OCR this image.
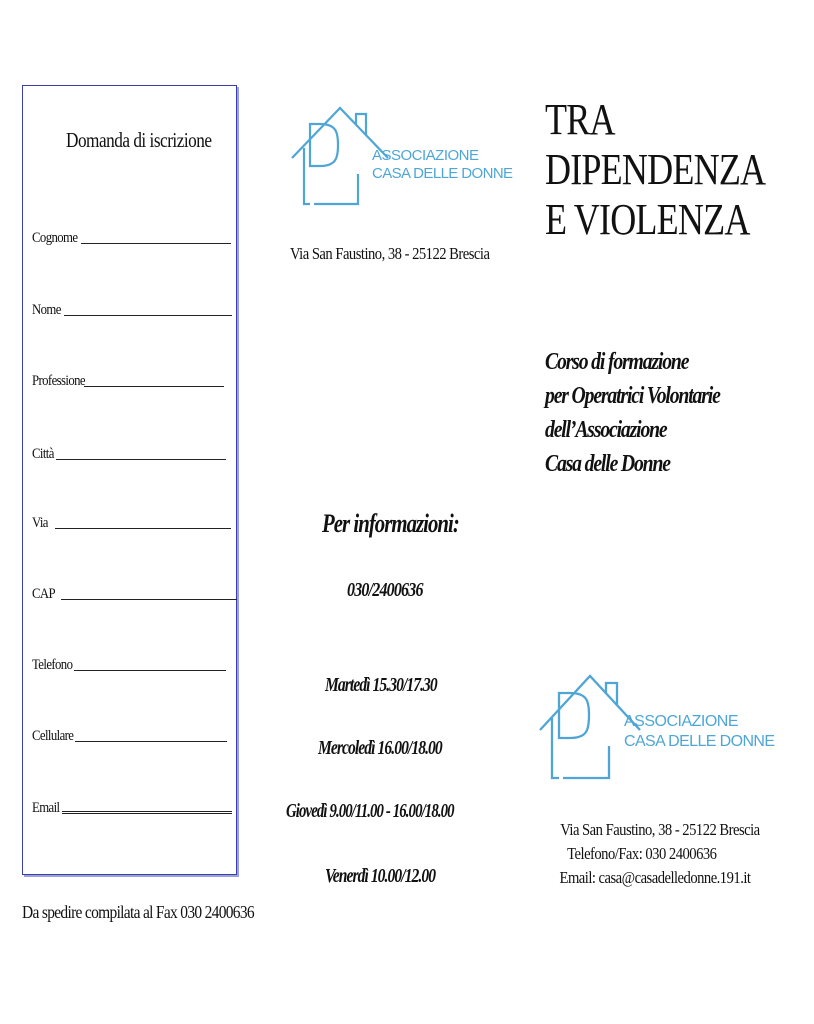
Domanda di iscrizione
Cognome
Nome
Professione
Città
Via
CAP
Telefono
Cellulare
Email
Da spedire compilata al Fax 030 2400636
ASSOCIAZIONE
CASA DELLE DONNE
Via San Faustino, 38 - 25122 Brescia
Per informazioni:
030/2400636
Martedì 15.30/17.30
Mercoledì 16.00/18.00
Giovedì 9.00/11.00 - 16.00/18.00
Venerdì 10.00/12.00
TRA
DIPENDENZA
E VIOLENZA
Corso di formazione
per Operatrici Volontarie
dell’Associazione
Casa delle Donne
ASSOCIAZIONE
CASA DELLE DONNE
Via San Faustino, 38 - 25122 Brescia
Telefono/Fax: 030 2400636
Email: casa@casadelledonne.191.it
